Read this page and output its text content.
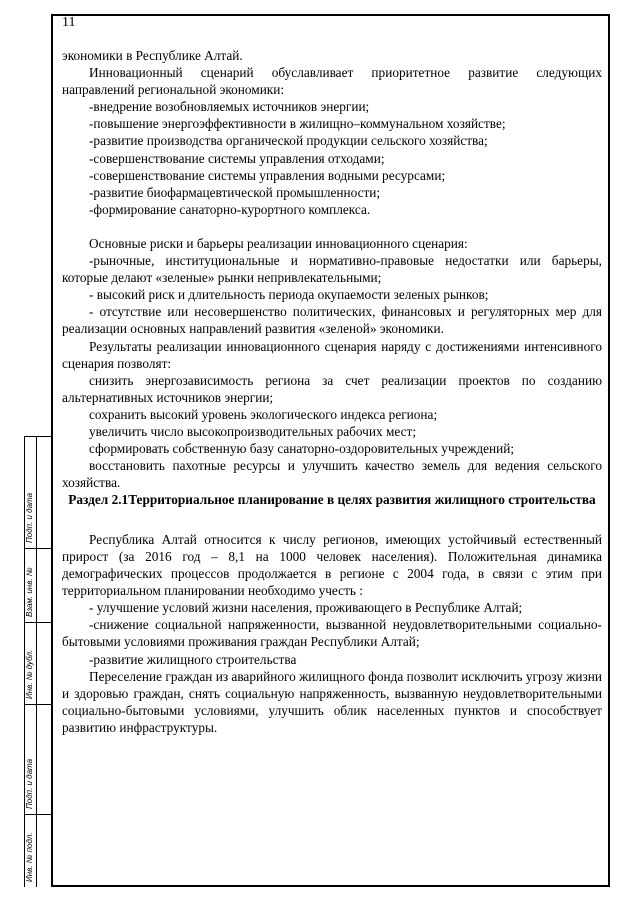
11

экономики в Республике Алтай.

Инновационный сценарий обуславливает приоритетное развитие следующих направлений региональной экономики:

-внедрение возобновляемых источников энергии;

-повышение энергоэффективности в жилищно–коммунальном хозяйстве;

-развитие производства органической продукции сельского хозяйства;

-совершенствование системы управления отходами;

-совершенствование системы управления водными ресурсами;

-развитие биофармацевтической промышленности;

-формирование санаторно-курортного комплекса.

Основные риски и барьеры реализации инновационного сценария:

-рыночные, институциональные и нормативно-правовые недостатки или барьеры, которые делают «зеленые» рынки непривлекательными;

- высокий риск и длительность периода окупаемости зеленых рынков;

- отсутствие или несовершенство политических, финансовых и регуляторных мер для реализации основных направлений развития «зеленой» экономики.

Результаты реализации инновационного сценария наряду с достижениями интенсивного сценария позволят:

снизить энергозависимость региона за счет реализации проектов по созданию альтернативных источников энергии;

сохранить высокий уровень экологического индекса региона;

увеличить число высокопроизводительных рабочих мест;

сформировать собственную базу санаторно-оздоровительных учреждений;

восстановить пахотные ресурсы и улучшить качество земель для ведения сельского хозяйства.

Раздел 2.1Территориальное планирование в целях развития жилищного строительства

Республика Алтай относится к числу регионов, имеющих устойчивый естественный прирост (за 2016 год – 8,1 на 1000 человек населения). Положительная динамика демографических процессов продолжается в регионе с 2004 года, в связи с этим при территориальном планировании необходимо учесть :

- улучшение условий жизни населения, проживающего в Республике Алтай;

-снижение социальной напряженности, вызванной неудовлетворительными социально-бытовыми условиями проживания граждан Республики Алтай;

-развитие жилищного строительства

Переселение граждан из аварийного жилищного фонда позволит исключить угрозу жизни и здоровью граждан, снять социальную напряженность, вызванную неудовлетворительными социально-бытовыми условиями, улучшить облик населенных пунктов и способствует развитию инфраструктуры.

Подп. и дата
Взам. инв. №
Инв. № дубл.
Подп. и дата
Инв. № подл.
